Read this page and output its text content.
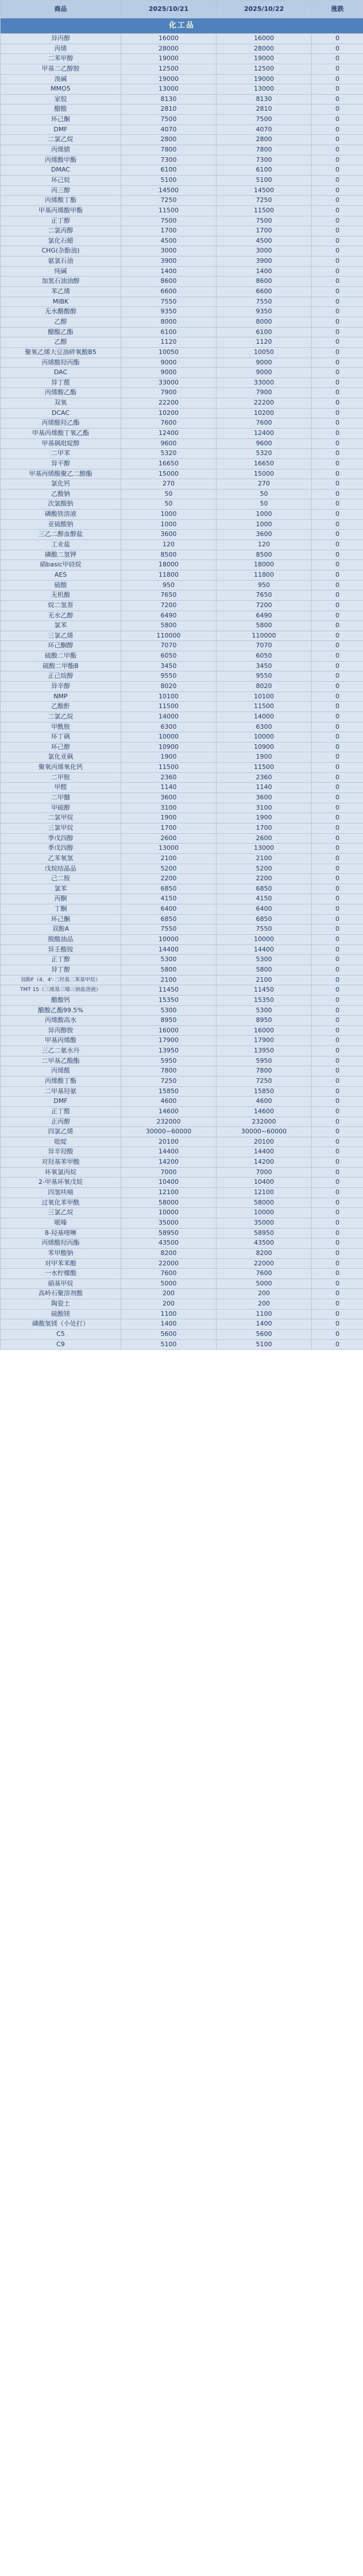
商品	2025/10/21	2025/10/22	涨跌
化工品			
异丙醇	16000	16000	0
丙烯	28000	28000	0
二苯甲醇	19000	19000	0
甲基二乙醇胺	12500	12500	0
溴碱	19000	19000	0
MMO5	13000	13000	0
家胶	8130	8130	0
醋酸	2810	2810	0
环己酮	7500	7500	0
DMF	4070	4070	0
二氯乙烷	2800	2800	0
丙烯腈	7800	7800	0
丙烯酸甲酯	7300	7300	0
DMAC	6100	6100	0
环己烷	5100	5100	0
丙三醇	14500	14500	0
丙烯酸丁酯	7250	7250	0
甲基丙烯酸甲酯	11500	11500	0
正丁醇	7500	7500	0
二氯丙醇	1700	1700	0
氯化石蜡	4500	4500	0
CHG(杂酚油)	3000	3000	0
氨氯石油	3900	3900	0
纯碱	1400	1400	0
加氢石油油醇	8600	8600	0
苯乙烯	6600	6600	0
MIBK	7550	7550	0
无水醋酸醇	9350	9350	0
乙醇	8000	8000	0
醋酸乙酯	6100	6100	0
乙醇	1120	1120	0
聚氧乙烯大豆油碎氧酸B5	10050	10050	0
丙烯酸羟丙酯	9000	9000	0
DAC	9000	9000	0
异丁醛	33000	33000	0
丙烯酸乙酯	7900	7900	0
双氧	22200	22200	0
DCAC	10200	10200	0
丙烯酸羟乙酯	7600	7600	0
甲基丙烯酸丁氧乙酯	12400	12400	0
甲基砜吡啶醇	9600	9600	0
二甲苯	5320	5320	0
异平醇	16650	16650	0
甲基丙烯酸聚乙二醇酯	15000	15000	0
氯化钙	270	270	0
乙酸钠	50	50	0
次氯酸钠	50	50	0
磷酸铁溶液	1000	1000	0
亚硫酸钠	1000	1000	0
三乙二醇血醇盐	3600	3600	0
工业盐	120	120	0
磷酸二氢钾	8500	8500	0
硝basic甲硅烷	18000	18000	0
AES	11800	11800	0
硫酸	950	950	0
无机酸	7650	7650	0
烷二氢萘	7200	7200	0
无水乙醇	6490	6490	0
氯苯	5800	5800	0
三氯乙烯	110000	110000	0
环己酮醇	7070	7070	0
硫酸二甲酯	6050	6050	0
硫酸二甲酯B	3450	3450	0
正己烷醇	9550	9550	0
异辛醇	8020	8020	0
NMP	10100	10100	0
乙酸酐	11500	11500	0
二氯乙烷	14000	14000	0
甲酰胺	6300	6300	0
环丁砜	10000	10000	0
环己醇	10900	10900	0
氯化亚砜	1900	1900	0
聚氧丙烯氧化钙	11500	11500	0
二甲胺	2360	2360	0
甲醛	1140	1140	0
二甲醚	3600	3600	0
甲硫醇	3100	3100	0
二氯甲烷	1900	1900	0
三氯甲烷	1700	1700	0
季戊四醇	2600	2600	0
季戊四醇	13000	13000	0
乙苯氧氢	2100	2100	0
戊烷结晶品	5200	5200	0
己二胺	2200	2200	0
氯苯	6850	6850	0
丙酮	4150	4150	0
丁酮	6400	6400	0
环己酮	6850	6850	0
双酚A	7550	7550	0
脱酸油品	10000	10000	0
异壬酸铵	14400	14400	0
正丁醇	5300	5300	0
异丁醇	5800	5800	0
双酚F（4、4'-二羟基二苯基甲烷）	2100	2100	0
TMT 15（三巯基三嗪三钠盐溶液）	11450	11450	0
醋酸钙	15350	15350	0
醋酸乙酯99.5%	5300	5300	0
丙烯酸高水	8950	8950	0
异丙醇胺	16000	16000	0
甲基丙烯酸	17900	17900	0
三乙二氨水丹	13950	13950	0
二甲基乙酸酯	5950	5950	0
丙烯醛	7800	7800	0
丙烯酸丁酯	7250	7250	0
二甲基羟氨	15850	15850	0
DMF	4600	4600	0
正丁醛	14600	14600	0
正丙醇	232000	232000	0
四氯乙烯	30000~60000	30000~60000	0
吡啶	20100	20100	0
异辛羟酸	14400	14400	0
对羟基苯甲酸	14200	14200	0
环氧氯丙烷	7000	7000	0
2-甲基环氧戊烷	10400	10400	0
四氢呋喃	12100	12100	0
过氧化苯甲酰	58000	58000	0
三氯乙烷	10000	10000	0
哌嗪	35000	35000	0
8-羟基喹啉	58950	58950	0
丙烯酸羟丙酯	43500	43500	0
苯甲酸钠	8200	8200	0
对甲苯苯酸	22000	22000	0
一水柠檬酸	7600	7600	0
硝基甲烷	5000	5000	0
高岭石聚溶剂酸	200	200	0
陶瓷土	200	200	0
硫酸镁	1100	1100	0
磷酸氢镁（小处打）	1400	1400	0
C5	5600	5600	0
C9	5100	5100	0
